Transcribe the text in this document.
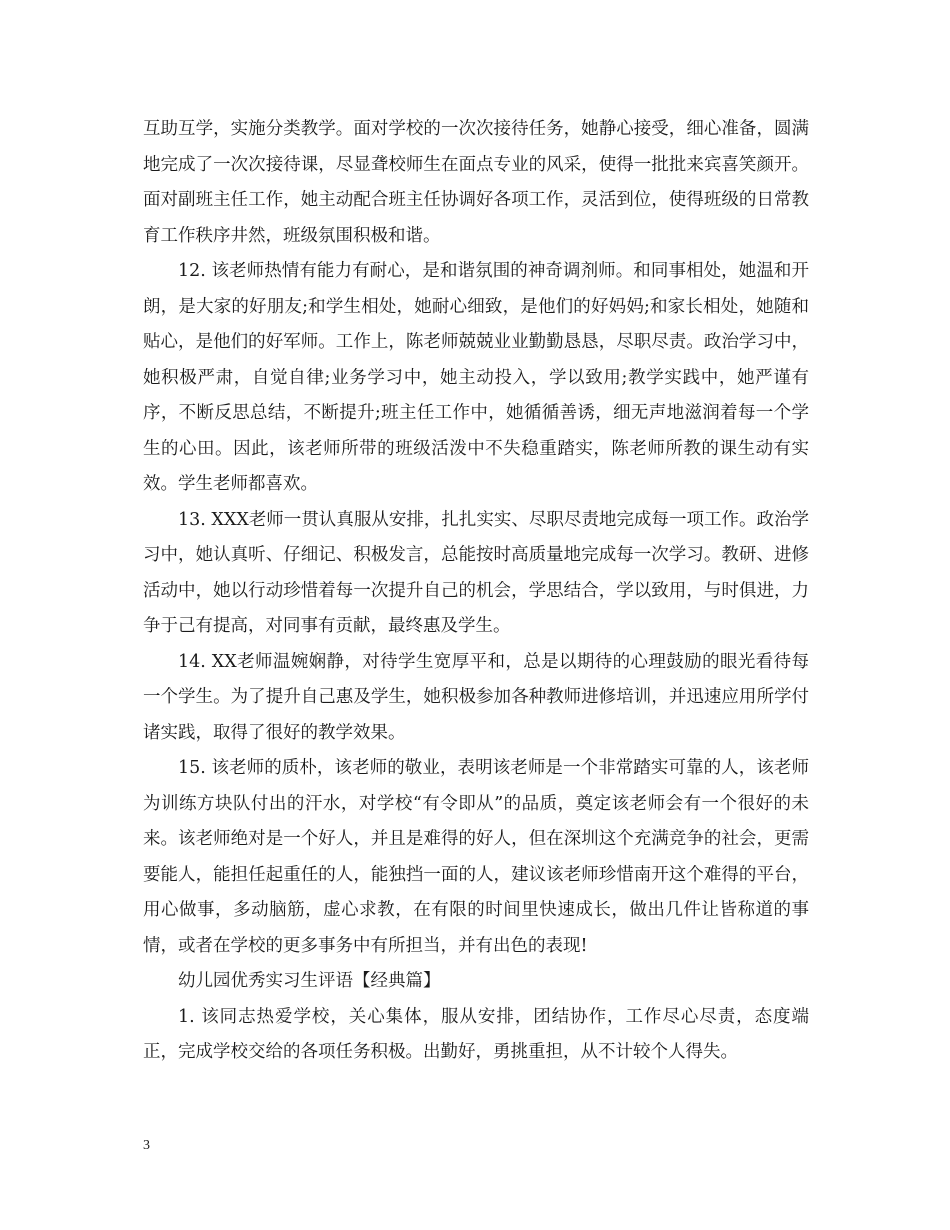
互助互学，实施分类教学。面对学校的一次次接待任务，她静心接受，细心准备，圆满地完成了一次次接待课，尽显聋校师生在面点专业的风采，使得一批批来宾喜笑颜开。面对副班主任工作，她主动配合班主任协调好各项工作，灵活到位，使得班级的日常教育工作秩序井然，班级氛围积极和谐。

12. 该老师热情有能力有耐心，是和谐氛围的神奇调剂师。和同事相处，她温和开朗，是大家的好朋友;和学生相处，她耐心细致，是他们的好妈妈;和家长相处，她随和贴心，是他们的好军师。工作上，陈老师兢兢业业勤勤恳恳，尽职尽责。政治学习中，她积极严肃，自觉自律;业务学习中，她主动投入，学以致用;教学实践中，她严谨有序，不断反思总结，不断提升;班主任工作中，她循循善诱，细无声地滋润着每一个学生的心田。因此，该老师所带的班级活泼中不失稳重踏实，陈老师所教的课生动有实效。学生老师都喜欢。

13. XXX老师一贯认真服从安排，扎扎实实、尽职尽责地完成每一项工作。政治学习中，她认真听、仔细记、积极发言，总能按时高质量地完成每一次学习。教研、进修活动中，她以行动珍惜着每一次提升自己的机会，学思结合，学以致用，与时俱进，力争于己有提高，对同事有贡献，最终惠及学生。

14. XX老师温婉娴静，对待学生宽厚平和，总是以期待的心理鼓励的眼光看待每一个学生。为了提升自己惠及学生，她积极参加各种教师进修培训，并迅速应用所学付诸实践，取得了很好的教学效果。

15. 该老师的质朴，该老师的敬业，表明该老师是一个非常踏实可靠的人，该老师为训练方块队付出的汗水，对学校“有令即从”的品质，奠定该老师会有一个很好的未来。该老师绝对是一个好人，并且是难得的好人，但在深圳这个充满竞争的社会，更需要能人，能担任起重任的人，能独挡一面的人，建议该老师珍惜南开这个难得的平台，用心做事，多动脑筋，虚心求教，在有限的时间里快速成长，做出几件让皆称道的事情，或者在学校的更多事务中有所担当，并有出色的表现!

幼儿园优秀实习生评语【经典篇】

1. 该同志热爱学校，关心集体，服从安排，团结协作，工作尽心尽责，态度端正，完成学校交给的各项任务积极。出勤好，勇挑重担，从不计较个人得失。

3
